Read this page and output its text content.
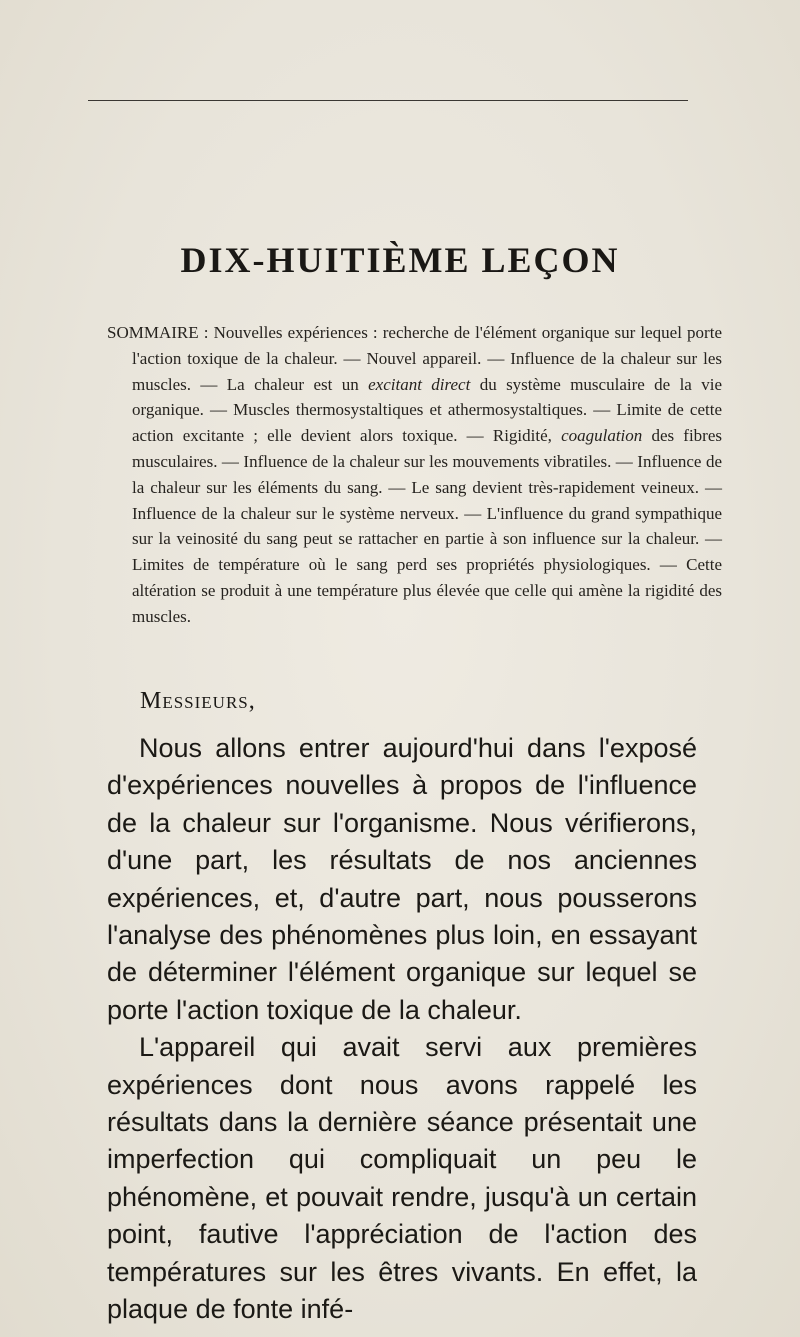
DIX-HUITIÈME LEÇON
SOMMAIRE : Nouvelles expériences : recherche de l'élément organique sur lequel porte l'action toxique de la chaleur. — Nouvel appareil. — Influence de la chaleur sur les muscles. — La chaleur est un excitant direct du système musculaire de la vie organique. — Muscles thermosystaltiques et athermosystaltiques. — Limite de cette action excitante ; elle devient alors toxique. — Rigidité, coagulation des fibres musculaires. — Influence de la chaleur sur les mouvements vibratiles. — Influence de la chaleur sur les éléments du sang. — Le sang devient très-rapidement veineux. — Influence de la chaleur sur le système nerveux. — L'influence du grand sympathique sur la veinosité du sang peut se rattacher en partie à son influence sur la chaleur. — Limites de température où le sang perd ses propriétés physiologiques. — Cette altération se produit à une température plus élevée que celle qui amène la rigidité des muscles.

Messieurs,

Nous allons entrer aujourd'hui dans l'exposé d'expériences nouvelles à propos de l'influence de la chaleur sur l'organisme. Nous vérifierons, d'une part, les résultats de nos anciennes expériences, et, d'autre part, nous pousserons l'analyse des phénomènes plus loin, en essayant de déterminer l'élément organique sur lequel se porte l'action toxique de la chaleur.

L'appareil qui avait servi aux premières expériences dont nous avons rappelé les résultats dans la dernière séance présentait une imperfection qui compliquait un peu le phénomène, et pouvait rendre, jusqu'à un certain point, fautive l'appréciation de l'action des températures sur les êtres vivants. En effet, la plaque de fonte infé-
